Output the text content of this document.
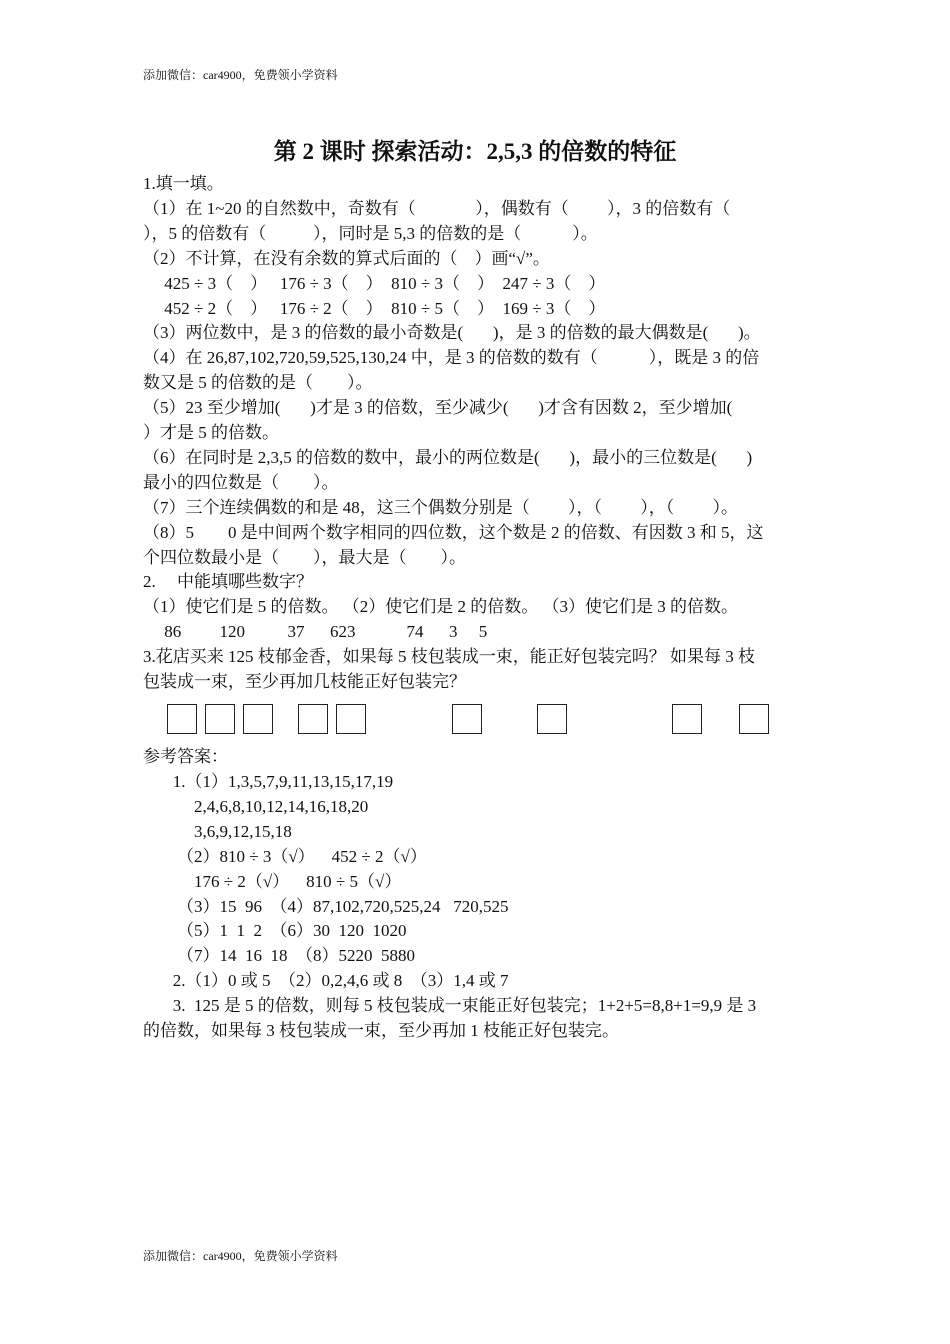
添加微信：car4900，免费领小学资料
第 2 课时 探索活动：2,5,3 的倍数的特征
1.填一填。
（1）在 1~20 的自然数中，奇数有（              ），偶数有（         ），3 的倍数有（
），5 的倍数有（           ），同时是 5,3 的倍数的是（            ）。
（2）不计算，在没有余数的算式后面的（    ）画“√”。
425 ÷ 3（    ）   176 ÷ 3（    ）  810 ÷ 3（    ）  247 ÷ 3（    ）
452 ÷ 2（    ）   176 ÷ 2（    ）  810 ÷ 5（    ）  169 ÷ 3（    ）
（3）两位数中，是 3 的倍数的最小奇数是(       )，是 3 的倍数的最大偶数是(       )。
（4）在 26,87,102,720,59,525,130,24 中，是 3 的倍数的数有（            ），既是 3 的倍
数又是 5 的倍数的是（        ）。
（5）23 至少增加(       )才是 3 的倍数，至少减少(       )才含有因数 2，至少增加(
）才是 5 的倍数。
（6）在同时是 2,3,5 的倍数的数中，最小的两位数是(       )，最小的三位数是(       )
最小的四位数是（        ）。
（7）三个连续偶数的和是 48，这三个偶数分别是（         ），（         ），（         ）。
（8）5        0 是中间两个数字相同的四位数，这个数是 2 的倍数、有因数 3 和 5，这
个四位数最小是（        ），最大是（        ）。
2.     中能填哪些数字？
（1）使它们是 5 的倍数。 （2）使它们是 2 的倍数。 （3）使它们是 3 的倍数。
86         120          37      623            74      3     5
3.花店买来 125 枝郁金香，如果每 5 枝包装成一束，能正好包装完吗？ 如果每 3 枝
包装成一束，至少再加几枝能正好包装完？
参考答案：
1.（1）1,3,5,7,9,11,13,15,17,19
2,4,6,8,10,12,14,16,18,20
3,6,9,12,15,18
（2）810 ÷ 3（√）    452 ÷ 2（√）
176 ÷ 2（√）    810 ÷ 5（√）
（3）15  96  （4）87,102,720,525,24   720,525
（5）1  1  2  （6）30  120  1020
（7）14  16  18  （8）5220  5880
2.（1）0 或 5  （2）0,2,4,6 或 8  （3）1,4 或 7
3.  125 是 5 的倍数，则每 5 枝包装成一束能正好包装完；1+2+5=8,8+1=9,9 是 3
的倍数，如果每 3 枝包装成一束，至少再加 1 枝能正好包装完。
添加微信：car4900，免费领小学资料
